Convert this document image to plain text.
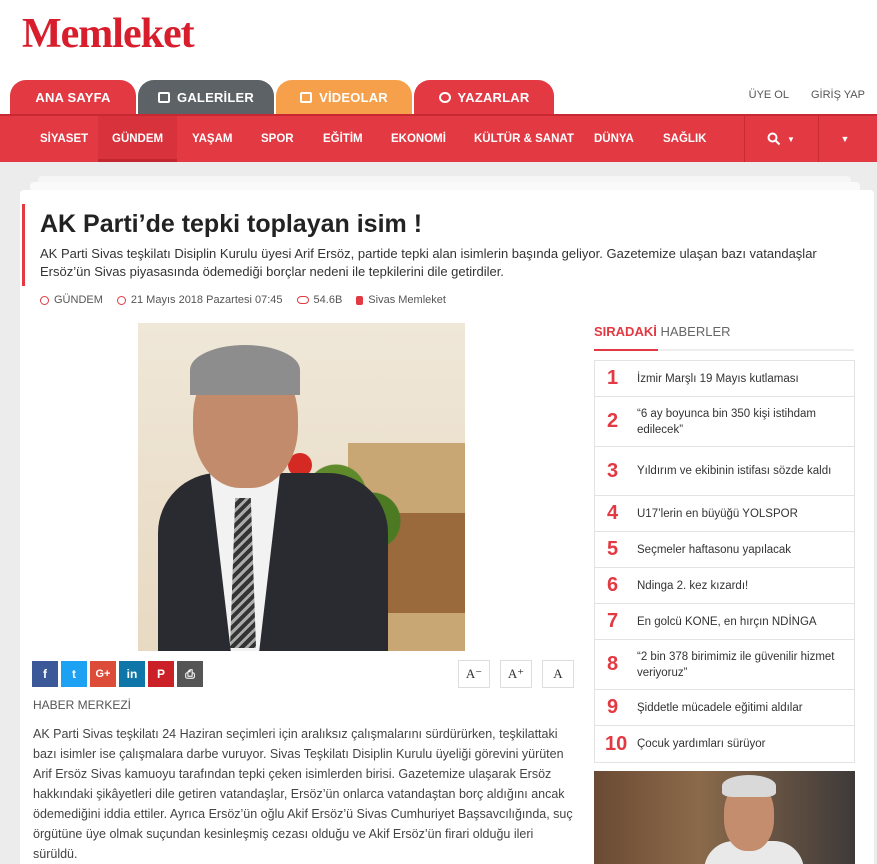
Memleket
ANA SAYFA	GALERİLER	VİDEOLAR	YAZARLAR	ÜYE OL GİRİŞ YAP
SİYASET	GÜNDEM	YAŞAM SPOR	EĞİTİM EKONOMİ KÜLTÜR & SANAT DÜNYA	SAĞLIK	▼	▼
AK Parti’de tepki toplayan isim !

AK Parti Sivas teşkilatı Disiplin Kurulu üyesi Arif Ersöz, partide tepki alan isimlerin başında geliyor. Gazetemize ulaşan bazı vatandaşlar Ersöz’ün Sivas piyasasında ödemediği borçlar nedeni ile tepkilerini dile getirdiler.

GÜNDEM	21 Mayıs 2018 Pazartesi 07:45	54.6B Sivas Memleket
f	t	G+	in	P	⎙	A⁻	A⁺	A
HABER MERKEZİ

AK Parti Sivas teşkilatı 24 Haziran seçimleri için aralıksız çalışmalarını sürdürürken, teşkilattaki bazı isimler ise çalışmalara darbe vuruyor. Sivas Teşkilatı Disiplin Kurulu üyeliği görevini yürüten Arif Ersöz Sivas kamuoyu tarafından tepki çeken isimlerden birisi. Gazetemize ulaşarak Ersöz hakkındaki şikâyetleri dile getiren vatandaşlar, Ersöz’ün onlarca vatandaştan borç aldığını ancak ödemediğini iddia ettiler. Ayrıca Ersöz’ün oğlu Akif Ersöz’ü Sivas Cumhuriyet Başsavcılığında, suç örgütüne üye olmak suçundan kesinleşmiş cezası olduğu ve Akif Ersöz’ün firari olduğu ileri sürüldü.

SIRADAKİ HABERLER
1	İzmir Marşlı 19 Mayıs kutlaması
2	“6 ay boyunca bin 350 kişi istihdam edilecek”
3	Yıldırım ve ekibinin istifası sözde kaldı
4	U17’lerin en büyüğü YOLSPOR
5	Seçmeler haftasonu yapılacak
6	Ndinga 2. kez kızardı!
7	En golcü KONE, en hırçın NDİNGA
8	“2 bin 378 birimimiz ile güvenilir hizmet veriyoruz”
9	Şiddetle mücadele eğitimi aldılar
10 Çocuk yardımları sürüyor
